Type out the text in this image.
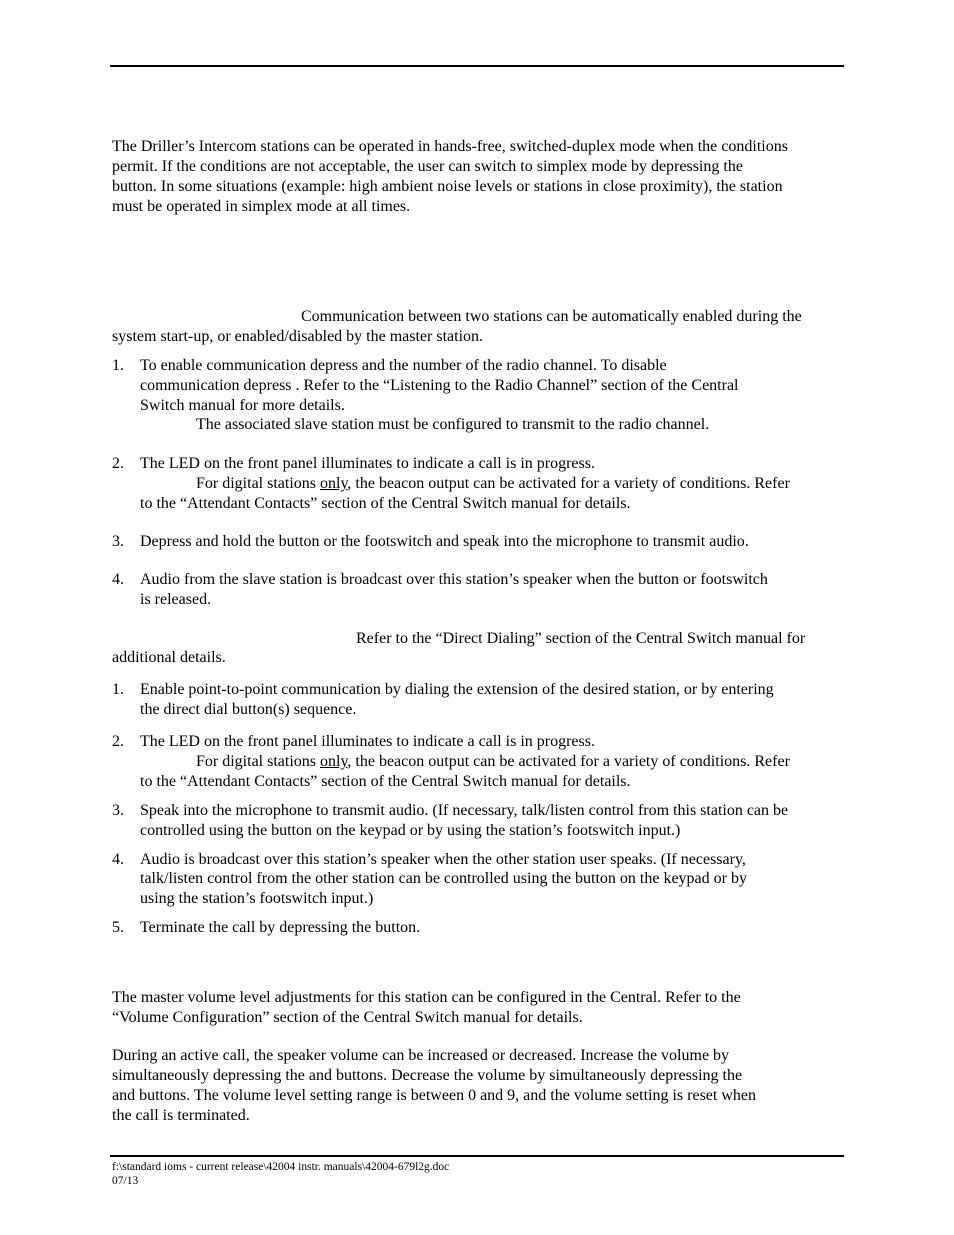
The Driller’s Intercom stations can be operated in hands-free, switched-duplex mode when the conditions
permit. If the conditions are not acceptable, the user can switch to simplex mode by depressing the
button. In some situations (example: high ambient noise levels or stations in close proximity), the station
must be operated in simplex mode at all times.
Communication between two stations can be automatically enabled during the
system start-up, or enabled/disabled by the master station.
1. To enable communication depress and the number of the radio channel. To disable
communication depress . Refer to the “Listening to the Radio Channel” section of the Central
Switch manual for more details.
The associated slave station must be configured to transmit to the radio channel.
2. The LED on the front panel illuminates to indicate a call is in progress.
For digital stations only, the beacon output can be activated for a variety of conditions. Refer
to the “Attendant Contacts” section of the Central Switch manual for details.
3. Depress and hold the button or the footswitch and speak into the microphone to transmit audio.
4. Audio from the slave station is broadcast over this station’s speaker when the button or footswitch
is released.
Refer to the “Direct Dialing” section of the Central Switch manual for
additional details.
1. Enable point-to-point communication by dialing the extension of the desired station, or by entering
the direct dial button(s) sequence.
2. The LED on the front panel illuminates to indicate a call is in progress.
For digital stations only, the beacon output can be activated for a variety of conditions. Refer
to the “Attendant Contacts” section of the Central Switch manual for details.
3. Speak into the microphone to transmit audio. (If necessary, talk/listen control from this station can be
controlled using the button on the keypad or by using the station’s footswitch input.)
4. Audio is broadcast over this station’s speaker when the other station user speaks. (If necessary,
talk/listen control from the other station can be controlled using the button on the keypad or by
using the station’s footswitch input.)
5. Terminate the call by depressing the button.
The master volume level adjustments for this station can be configured in the Central. Refer to the
“Volume Configuration” section of the Central Switch manual for details.
During an active call, the speaker volume can be increased or decreased. Increase the volume by
simultaneously depressing the and buttons. Decrease the volume by simultaneously depressing the
and buttons. The volume level setting range is between 0 and 9, and the volume setting is reset when
the call is terminated.
f:\standard ioms - current release\42004 instr. manuals\42004-679l2g.doc
07/13
